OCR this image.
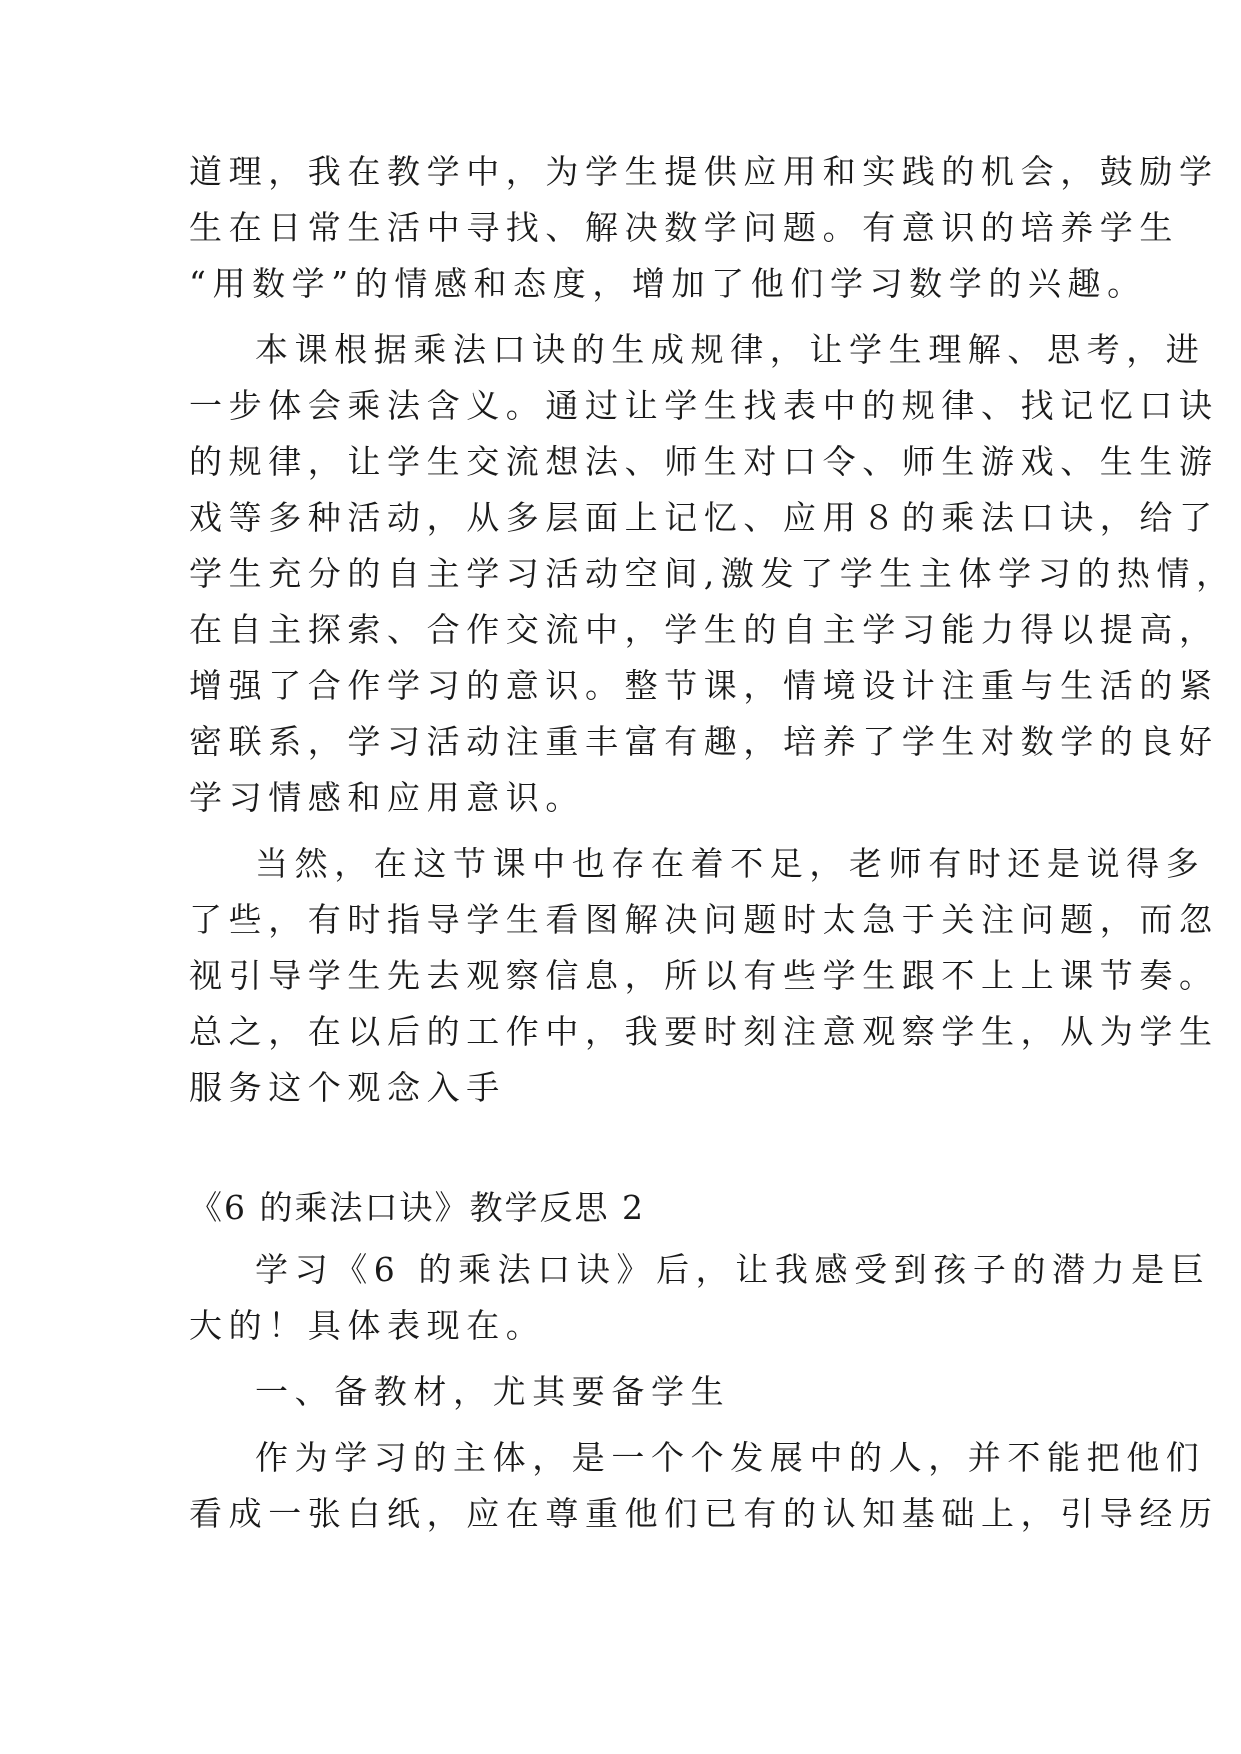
道理，我在教学中，为学生提供应用和实践的机会，鼓励学
生在日常生活中寻找、解决数学问题。有意识的培养学生
“用数学”的情感和态度，增加了他们学习数学的兴趣。
本课根据乘法口诀的生成规律，让学生理解、思考，进
一步体会乘法含义。通过让学生找表中的规律、找记忆口诀
的规律，让学生交流想法、师生对口令、师生游戏、生生游
戏等多种活动，从多层面上记忆、应用８的乘法口诀，给了
学生充分的自主学习活动空间,激发了学生主体学习的热情，
在自主探索、合作交流中，学生的自主学习能力得以提高，
增强了合作学习的意识。整节课，情境设计注重与生活的紧
密联系，学习活动注重丰富有趣，培养了学生对数学的良好
学习情感和应用意识。
当然，在这节课中也存在着不足，老师有时还是说得多
了些，有时指导学生看图解决问题时太急于关注问题，而忽
视引导学生先去观察信息，所以有些学生跟不上上课节奏。
总之，在以后的工作中，我要时刻注意观察学生，从为学生
服务这个观念入手
《6 的乘法口诀》教学反思 2
学习《6 的乘法口诀》后，让我感受到孩子的潜力是巨
大的！具体表现在。
一、备教材，尤其要备学生
作为学习的主体，是一个个发展中的人，并不能把他们
看成一张白纸，应在尊重他们已有的认知基础上，引导经历
